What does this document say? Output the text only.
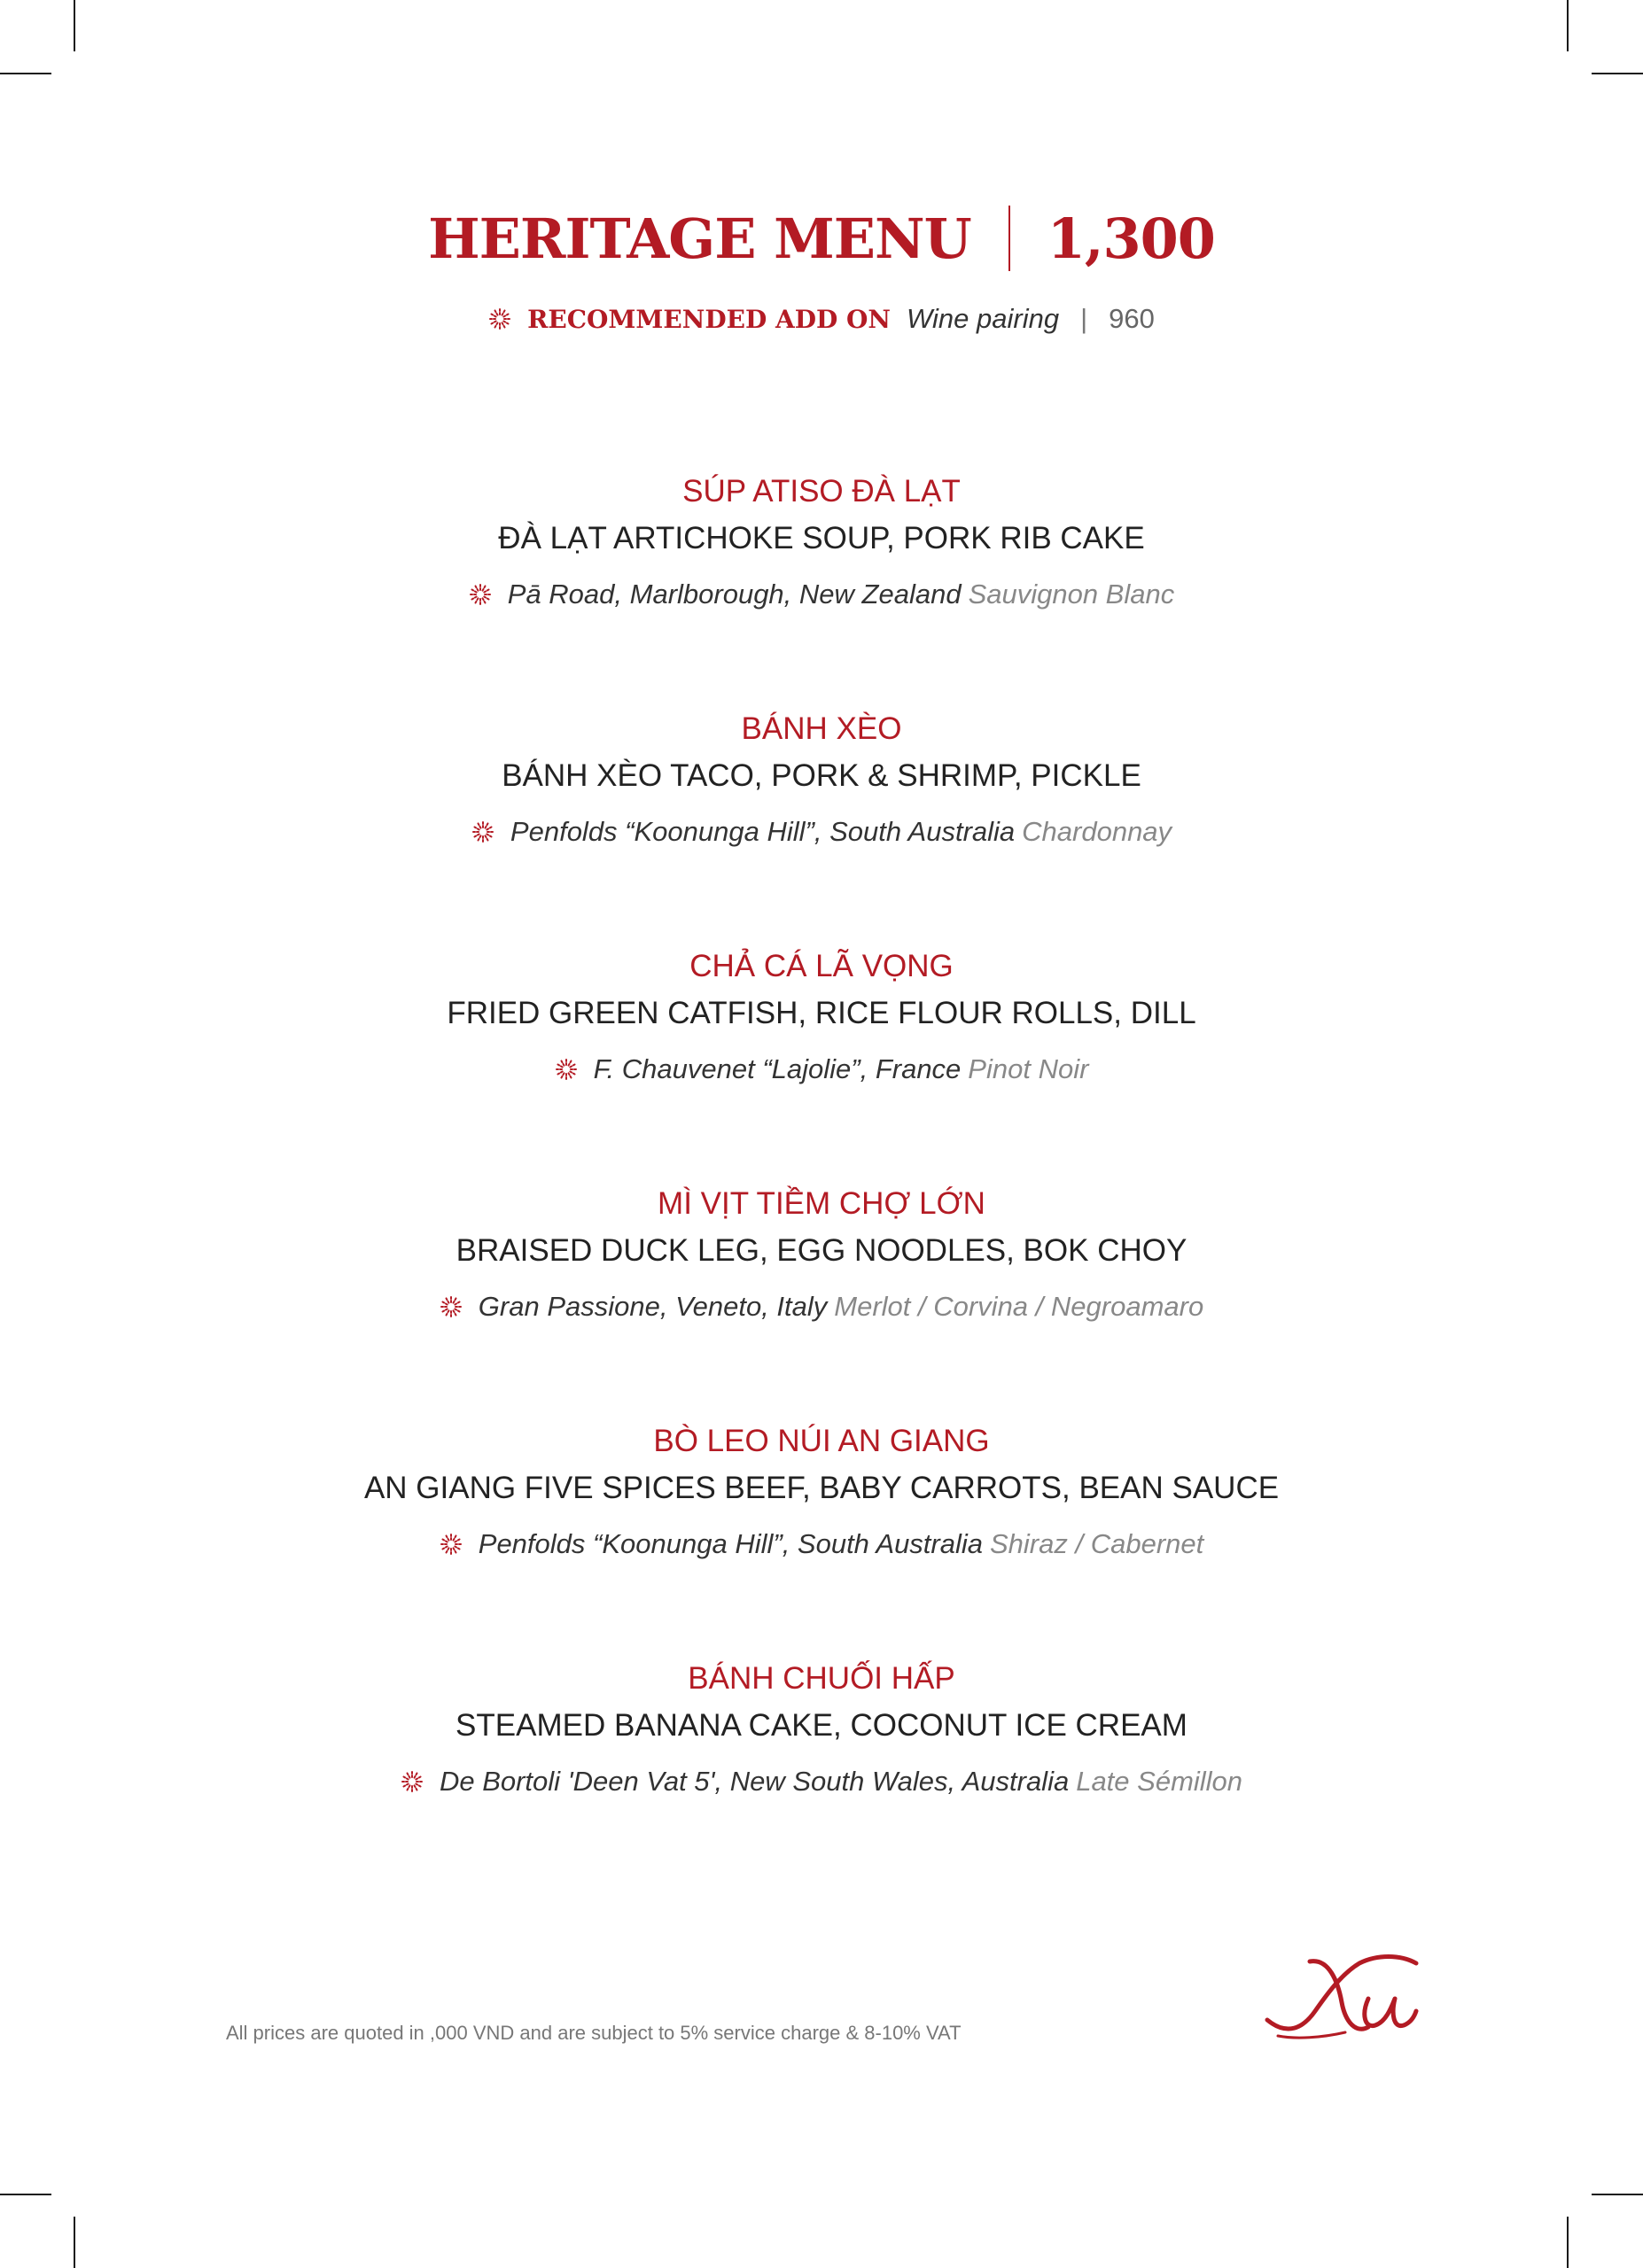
HERITAGE MENU 1,300
RECOMMENDED ADD ON Wine pairing | 960
SÚP ATISO ĐÀ LẠT
ĐÀ LẠT ARTICHOKE SOUP, PORK RIB CAKE
Pā Road, Marlborough, New Zealand Sauvignon Blanc
BÁNH XÈO
BÁNH XÈO TACO, PORK & SHRIMP, PICKLE
Penfolds “Koonunga Hill”, South Australia Chardonnay
CHẢ CÁ LÃ VỌNG
FRIED GREEN CATFISH, RICE FLOUR ROLLS, DILL
F. Chauvenet “Lajolie”, France Pinot Noir
MÌ VỊT TIỀM CHỢ LỚN
BRAISED DUCK LEG, EGG NOODLES, BOK CHOY
Gran Passione, Veneto, Italy Merlot / Corvina / Negroamaro
BÒ LEO NÚI AN GIANG
AN GIANG FIVE SPICES BEEF, BABY CARROTS, BEAN SAUCE
Penfolds “Koonunga Hill”, South Australia Shiraz / Cabernet
BÁNH CHUỐI HẤP
STEAMED BANANA CAKE, COCONUT ICE CREAM
De Bortoli 'Deen Vat 5', New South Wales, Australia Late Sémillon
All prices are quoted in ,000 VND and are subject to 5% service charge & 8-10% VAT
